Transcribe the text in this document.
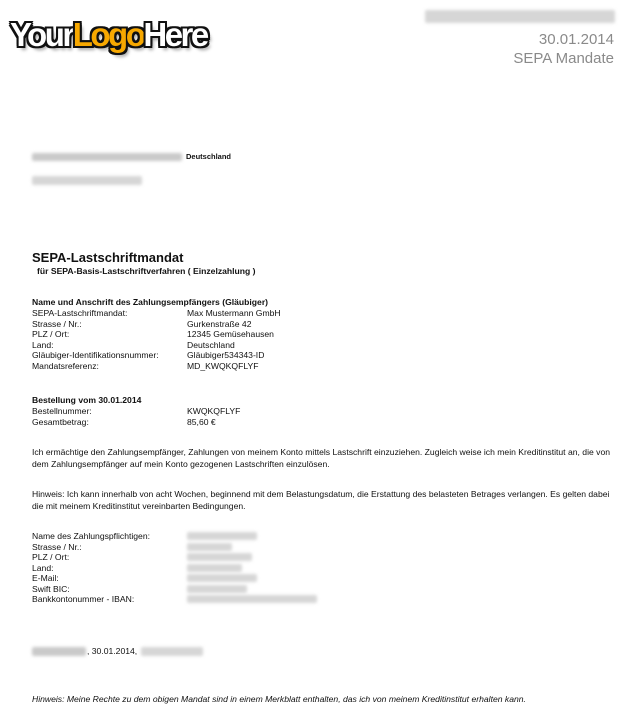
YourLogoHere	30.01.2014
SEPA Mandate
Deutschland
SEPA-Lastschriftmandat
für SEPA-Basis-Lastschriftverfahren ( Einzelzahlung )
Name und Anschrift des Zahlungsempfängers (Gläubiger)
SEPA-Lastschriftmandat:	Max Mustermann GmbH
Strasse / Nr.:	Gurkenstraße 42
PLZ / Ort:	12345 Gemüsehausen
Land:	Deutschland
Gläubiger-Identifikationsnummer:	Gläubiger534343-ID
Mandatsreferenz:	MD_KWQKQFLYF
Bestellung vom 30.01.2014
Bestellnummer:	KWQKQFLYF
Gesamtbetrag:	85,60 €
Ich ermächtige den Zahlungsempfänger, Zahlungen von meinem Konto mittels Lastschrift einzuziehen. Zugleich weise ich mein Kreditinstitut an, die von dem Zahlungsempfänger auf mein Konto gezogenen Lastschriften einzulösen.
Hinweis: Ich kann innerhalb von acht Wochen, beginnend mit dem Belastungsdatum, die Erstattung des belasteten Betrages verlangen. Es gelten dabei die mit meinem Kreditinstitut vereinbarten Bedingungen.
Name des Zahlungspflichtigen:
Strasse / Nr.:
PLZ / Ort:
Land:
E-Mail:
Swift BIC:
Bankkontonummer - IBAN:
, 30.01.2014,
Hinweis: Meine Rechte zu dem obigen Mandat sind in einem Merkblatt enthalten, das ich von meinem Kreditinstitut erhalten kann.
